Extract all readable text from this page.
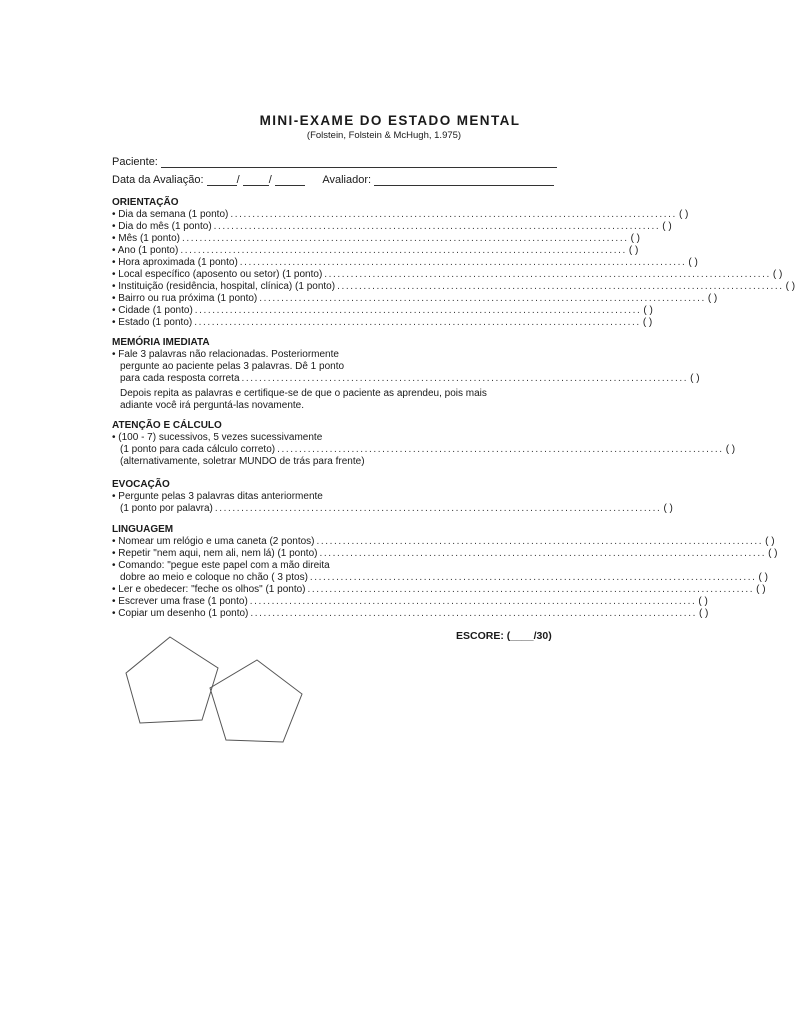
MINI-EXAME DO ESTADO MENTAL
(Folstein, Folstein & McHugh, 1.975)
Paciente:
Data da Avaliação:	/	/	Avaliador:
ORIENTAÇÃO
• Dia da semana (1 ponto) ...................................................................................................... ( )
• Dia do mês (1 ponto) ...................................................................................................... ( )
• Mês (1 ponto) ...................................................................................................... ( )
• Ano (1 ponto) ...................................................................................................... ( )
• Hora aproximada (1 ponto) ...................................................................................................... ( )
• Local específico (aposento ou setor) (1 ponto) ...................................................................................................... ( )
• Instituição (residência, hospital, clínica) (1 ponto) ...................................................................................................... ( )
• Bairro ou rua próxima (1 ponto) ...................................................................................................... ( )
• Cidade (1 ponto) ...................................................................................................... ( )
• Estado (1 ponto) ...................................................................................................... ( )
MEMÓRIA IMEDIATA
• Fale 3 palavras não relacionadas. Posteriormente
pergunte ao paciente pelas 3 palavras. Dê 1 ponto
para cada resposta correta ...................................................................................................... ( )
Depois repita as palavras e certifique-se de que o paciente as aprendeu, pois mais
adiante você irá perguntá-las novamente.
ATENÇÃO E CÁLCULO
• (100 - 7) sucessivos, 5 vezes sucessivamente
(1 ponto para cada cálculo correto) ...................................................................................................... ( )
(alternativamente, soletrar MUNDO de trás para frente)
EVOCAÇÃO
• Pergunte pelas 3 palavras ditas anteriormente
(1 ponto por palavra) ...................................................................................................... ( )
LINGUAGEM
• Nomear um relógio e uma caneta (2 pontos) ...................................................................................................... ( )
• Repetir "nem aqui, nem ali, nem lá) (1 ponto) ...................................................................................................... ( )
• Comando: "pegue este papel com a mão direita
dobre ao meio e coloque no chão ( 3 ptos) ...................................................................................................... ( )
• Ler e obedecer: "feche os olhos" (1 ponto) ...................................................................................................... ( )
• Escrever uma frase (1 ponto) ...................................................................................................... ( )
• Copiar um desenho (1 ponto) ...................................................................................................... ( )
ESCORE: (____/30)
